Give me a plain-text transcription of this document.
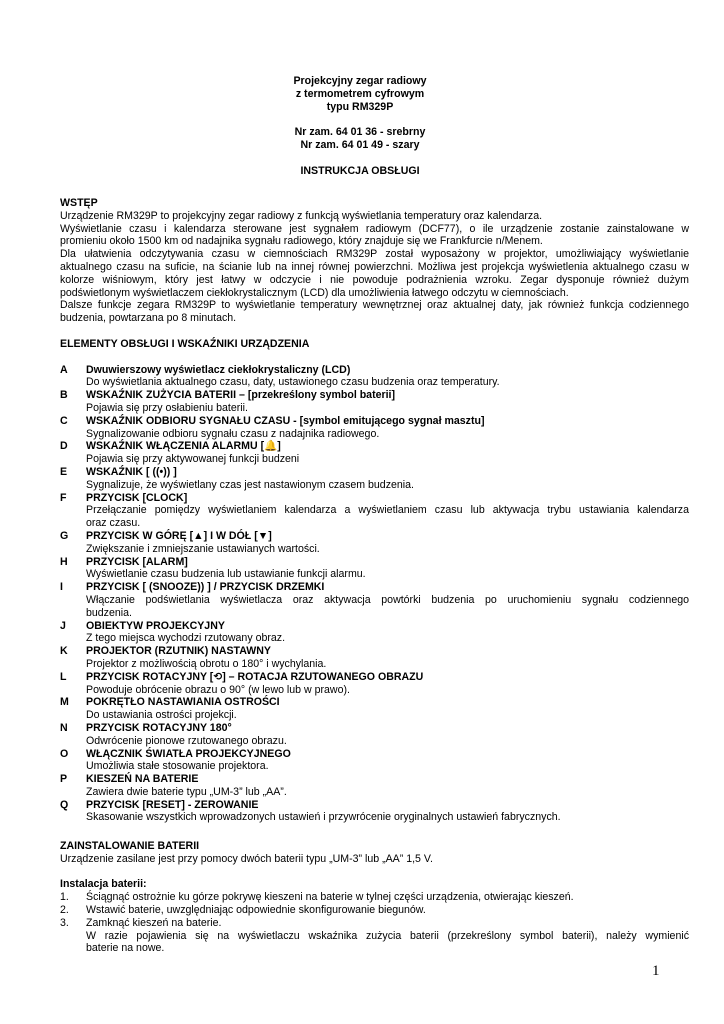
Projekcyjny zegar radiowy
z termometrem cyfrowym
typu RM329P
Nr zam. 64 01 36 - srebrny
Nr zam. 64 01 49 - szary
INSTRUKCJA OBSŁUGI
WSTĘP
Urządzenie RM329P to projekcyjny zegar radiowy z funkcją wyświetlania temperatury oraz kalendarza.
Wyświetlanie czasu i kalendarza sterowane jest sygnałem radiowym (DCF77), o ile urządzenie zostanie zainstalowane w
promieniu około 1500 km od nadajnika sygnału radiowego, który znajduje się we Frankfurcie n/Menem.
Dla ułatwienia odczytywania czasu w ciemnościach RM329P został wyposażony w projektor, umożliwiający wyświetlanie
aktualnego czasu na suficie, na ścianie lub na innej równej powierzchni. Możliwa jest projekcja wyświetlenia aktualnego czasu w
kolorze wiśniowym, który jest łatwy w odczycie i nie powoduje podrażnienia wzroku. Zegar dysponuje również dużym
podświetlonym wyświetlaczem ciekłokrystalicznym (LCD) dla umożliwienia łatwego odczytu w ciemnościach.
Dalsze funkcje zegara RM329P to wyświetlanie temperatury wewnętrznej oraz aktualnej daty, jak również funkcja codziennego
budzenia, powtarzana po 8 minutach.
ELEMENTY OBSŁUGI I WSKAŹNIKI URZĄDZENIA
A	Dwuwierszowy wyświetlacz ciekłokrystaliczny (LCD)
Do wyświetlania aktualnego czasu, daty, ustawionego czasu budzenia oraz temperatury.
B	WSKAŹNIK ZUŻYCIA BATERII – [przekreślony symbol baterii]
Pojawia się przy osłabieniu baterii.
C	WSKAŹNIK ODBIORU SYGNAŁU CZASU - [symbol emitującego sygnał masztu]
Sygnalizowanie odbioru sygnału czasu z nadajnika radiowego.
D	WSKAŹNIK WŁĄCZENIA ALARMU [🔔]
Pojawia się przy aktywowanej funkcji budzeni
E	WSKAŹNIK [ ((•)) ]
Sygnalizuje, że wyświetlany czas jest nastawionym czasem budzenia.
F	PRZYCISK [CLOCK]
Przełączanie pomiędzy wyświetlaniem kalendarza a wyświetlaniem czasu lub aktywacja trybu ustawiania kalendarza
oraz czasu.
G	PRZYCISK W GÓRĘ [▲] I W DÓŁ [▼]
Zwiększanie i zmniejszanie ustawianych wartości.
H	PRZYCISK [ALARM]
Wyświetlanie czasu budzenia lub ustawianie funkcji alarmu.
I	PRZYCISK [ (SNOOZE)) ] / PRZYCISK DRZEMKI
Włączanie podświetlania wyświetlacza oraz aktywacja powtórki budzenia po uruchomieniu sygnału codziennego
budzenia.
J	OBIEKTYW PROJEKCYJNY
Z tego miejsca wychodzi rzutowany obraz.
K	PROJEKTOR (RZUTNIK) NASTAWNY
Projektor z możliwością obrotu o 180° i wychylania.
L	PRZYCISK ROTACYJNY [⟲] – ROTACJA RZUTOWANEGO OBRAZU
Powoduje obrócenie obrazu o 90° (w lewo lub w prawo).
M	POKRĘTŁO NASTAWIANIA OSTROŚCI
Do ustawiania ostrości projekcji.
N	PRZYCISK ROTACYJNY 180°
Odwrócenie pionowe rzutowanego obrazu.
O	WŁĄCZNIK ŚWIATŁA PROJEKCYJNEGO
Umożliwia stałe stosowanie projektora.
P	KIESZEŃ NA BATERIE
Zawiera dwie baterie typu „UM-3” lub „AA”.
Q	PRZYCISK [RESET] - ZEROWANIE
Skasowanie wszystkich wprowadzonych ustawień i przywrócenie oryginalnych ustawień fabrycznych.
ZAINSTALOWANIE BATERII
Urządzenie zasilane jest przy pomocy dwóch baterii typu „UM-3” lub „AA” 1,5 V.
Instalacja baterii:
1.	Ściągnąć ostrożnie ku górze pokrywę kieszeni na baterie w tylnej części urządzenia, otwierając kieszeń.
2.	Wstawić baterie, uwzględniając odpowiednie skonfigurowanie biegunów.
3.	Zamknąć kieszeń na baterie.
W razie pojawienia się na wyświetlaczu wskaźnika zużycia baterii (przekreślony symbol baterii), należy wymienić
baterie na nowe.
1
